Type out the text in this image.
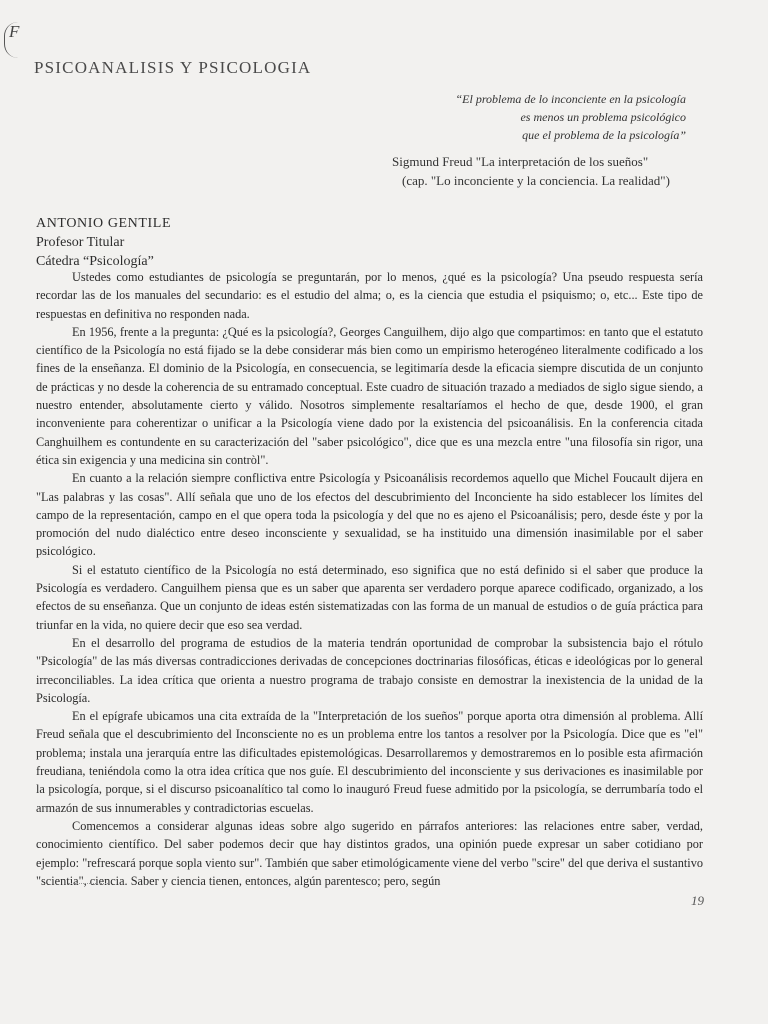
F
PSICOANALISIS Y PSICOLOGIA
“El problema de lo inconciente en la psicología
es menos un problema psicológico
que el problema de la psicología”
Sigmund Freud "La interpretación de los sueños"
(cap. "Lo inconciente y la conciencia. La realidad")
ANTONIO GENTILE
Profesor Titular
Cátedra “Psicología”

Ustedes como estudiantes de psicología se preguntarán, por lo menos, ¿qué es la psicología? Una pseudo respuesta sería recordar las de los manuales del secundario: es el estudio del alma; o, es la ciencia que estudia el psiquismo; o, etc... Este tipo de respuestas en definitiva no responden nada.

En 1956, frente a la pregunta: ¿Qué es la psicología?, Georges Canguilhem, dijo algo que compartimos: en tanto que el estatuto científico de la Psicología no está fijado se la debe considerar más bien como un empirismo heterogéneo literalmente codificado a los fines de la enseñanza. El dominio de la Psicología, en consecuencia, se legitimaría desde la eficacia siempre discutida de un conjunto de prácticas y no desde la coherencia de su entramado conceptual. Este cuadro de situación trazado a mediados de siglo sigue siendo, a nuestro entender, absolutamente cierto y válido. Nosotros simplemente resaltaríamos el hecho de que, desde 1900, el gran inconveniente para coherentizar o unificar a la Psicología viene dado por la existencia del psicoanálisis. En la conferencia citada Canghuilhem es contundente en su caracterización del "saber psicológico", dice que es una mezcla entre "una filosofía sin rigor, una ética sin exigencia y una medicina sin contròl".

En cuanto a la relación siempre conflictiva entre Psicología y Psicoanálisis recordemos aquello que Michel Foucault dijera en "Las palabras y las cosas". Allí señala que uno de los efectos del descubrimiento del Inconciente ha sido establecer los límites del campo de la representación, campo en el que opera toda la psicología y del que no es ajeno el Psicoanálisis; pero, desde éste y por la promoción del nudo dialéctico entre deseo inconsciente y sexualidad, se ha instituido una dimensión inasimilable por el saber psicológico.

Si el estatuto científico de la Psicología no está determinado, eso significa que no está definido si el saber que produce la Psicología es verdadero. Canguilhem piensa que es un saber que aparenta ser verdadero porque aparece codificado, organizado, a los efectos de su enseñanza. Que un conjunto de ideas estén sistematizadas con las forma de un manual de estudios o de guía práctica para triunfar en la vida, no quiere decir que eso sea verdad.

En el desarrollo del programa de estudios de la materia tendrán oportunidad de comprobar la subsistencia bajo el rótulo "Psicología" de las más diversas contradicciones derivadas de concepciones doctrinarias filosóficas, éticas e ideológicas por lo general irreconciliables. La idea crítica que orienta a nuestro programa de trabajo consiste en demostrar la inexistencia de la unidad de la Psicología.

En el epígrafe ubicamos una cita extraída de la "Interpretación de los sueños" porque aporta otra dimensión al problema. Allí Freud señala que el descubrimiento del Inconsciente no es un problema entre los tantos a resolver por la Psicología. Dice que es "el" problema; instala una jerarquía entre las dificultades epistemológicas. Desarrollaremos y demostraremos en lo posible esta afirmación freudiana, teniéndola como la otra idea crítica que nos guíe. El descubrimiento del inconsciente y sus derivaciones es inasimilable por la psicología, porque, si el discurso psicoanalítico tal como lo inauguró Freud fuese admitido por la psicología, se derrumbaría todo el armazón de sus innumerables y contradictorias escuelas.

Comencemos a considerar algunas ideas sobre algo sugerido en párrafos anteriores: las relaciones entre saber, verdad, conocimiento científico. Del saber podemos decir que hay distintos grados, una opinión puede expresar un saber cotidiano por ejemplo: "refrescará porque sopla viento sur". También que saber etimológicamente viene del verbo "scire" del que deriva el sustantivo "scientia", ciencia. Saber y ciencia tienen, entonces, algún parentesco; pero, según

19
